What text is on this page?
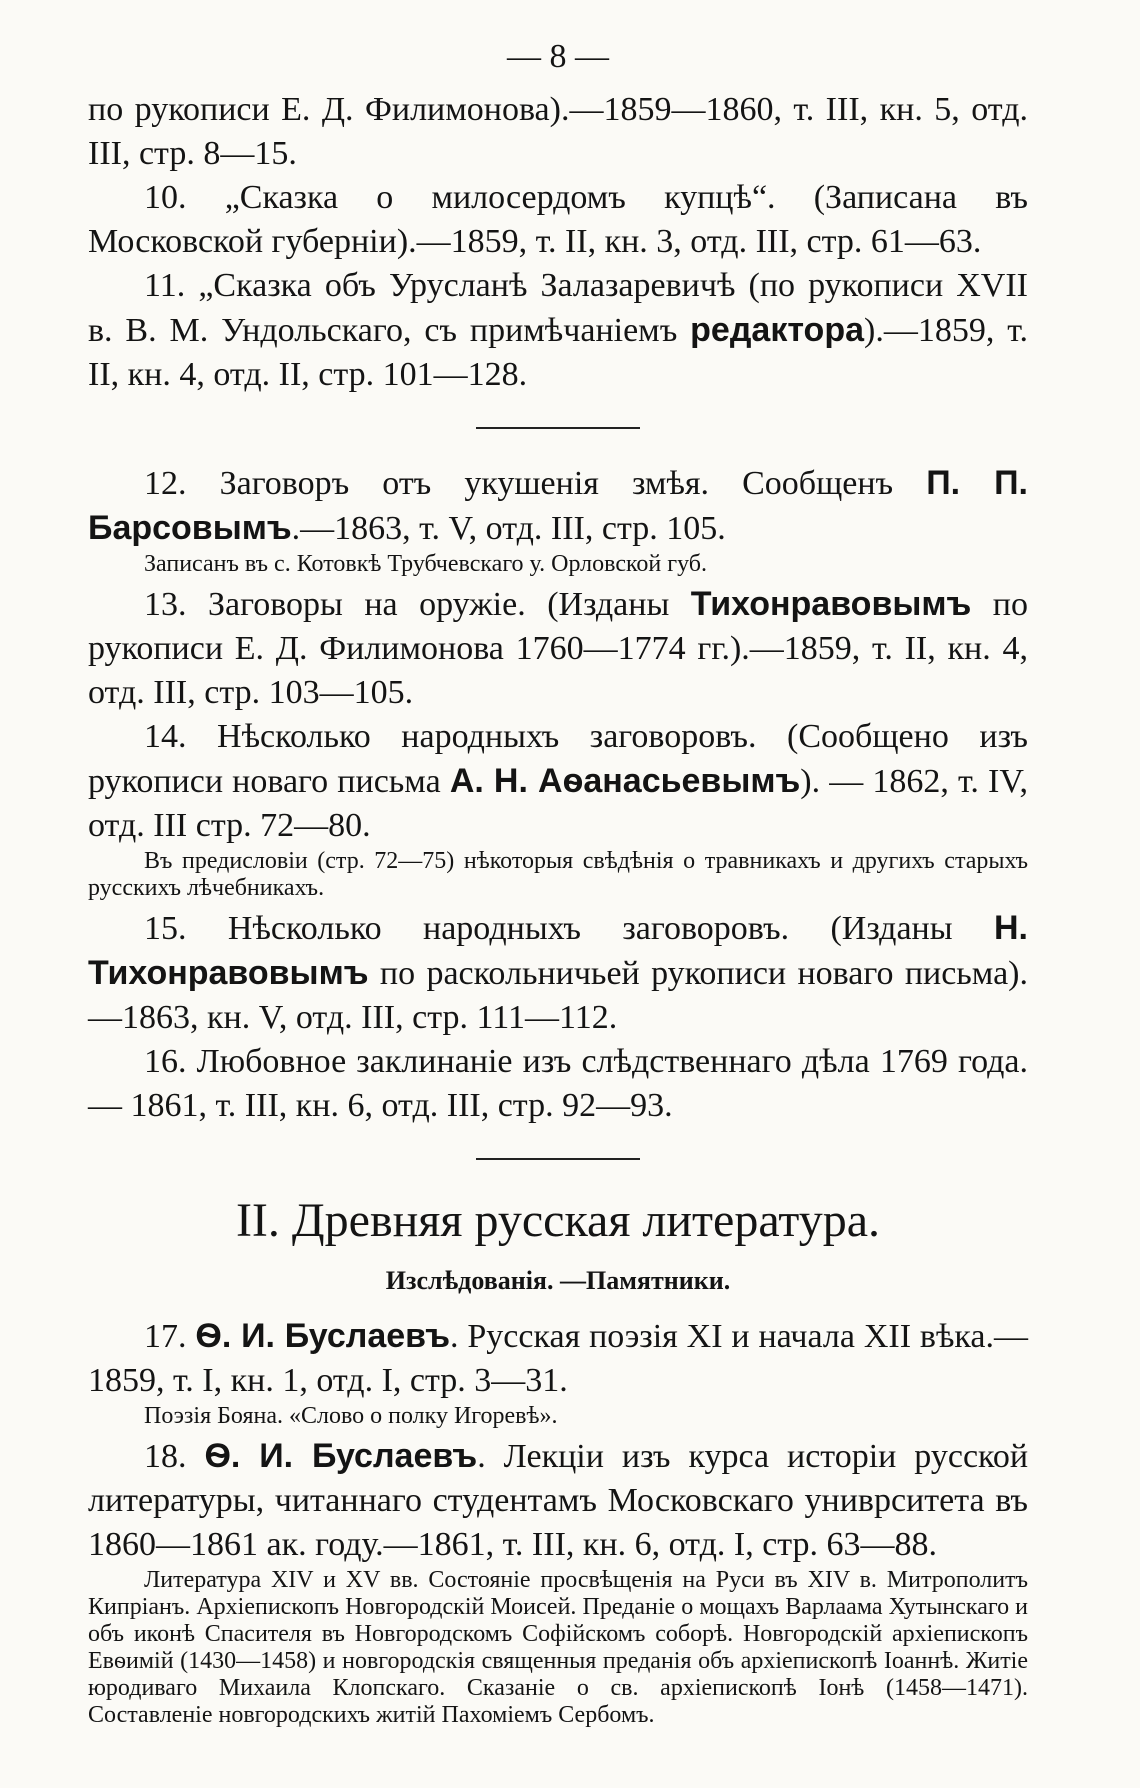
— 8 —

по рукописи Е. Д. Филимонова).—1859—1860, т. III, кн. 5, отд. III, стр. 8—15.

10. „Сказка о милосердомъ купцѣ“. (Записана въ Московской губерніи).—1859, т. II, кн. 3, отд. III, стр. 61—63.

11. „Сказка объ Урусланѣ Залазаревичѣ (по рукописи XVII в. В. М. Ундольскаго, съ примѣчаніемъ редактора).—1859, т. II, кн. 4, отд. II, стр. 101—128.

12. Заговоръ отъ укушенія змѣя. Сообщенъ П. П. Барсовымъ.—1863, т. V, отд. III, стр. 105.

Записанъ въ с. Котовкѣ Трубчевскаго у. Орловской губ.

13. Заговоры на оружіе. (Изданы Тихонравовымъ по рукописи Е. Д. Филимонова 1760—1774 гг.).—1859, т. II, кн. 4, отд. III, стр. 103—105.

14. Нѣсколько народныхъ заговоровъ. (Сообщено изъ рукописи новаго письма А. Н. Аѳанасьевымъ). — 1862, т. IV, отд. III стр. 72—80.

Въ предисловіи (стр. 72—75) нѣкоторыя свѣдѣнія о травникахъ и другихъ старыхъ русскихъ лѣчебникахъ.

15. Нѣсколько народныхъ заговоровъ. (Изданы Н. Тихонравовымъ по раскольничьей рукописи новаго письма).—1863, кн. V, отд. III, стр. 111—112.

16. Любовное заклинаніе изъ слѣдственнаго дѣла 1769 года.— 1861, т. III, кн. 6, отд. III, стр. 92—93.

II. Древняя русская литература.
Изслѣдованія. —Памятники.

17. Ѳ. И. Буслаевъ. Русская поэзія XI и начала XII вѣка.— 1859, т. I, кн. 1, отд. I, стр. 3—31.

Поэзія Бояна. «Слово о полку Игоревѣ».

18. Ѳ. И. Буслаевъ. Лекціи изъ курса исторіи русской литературы, читаннаго студентамъ Московскаго униврситета въ 1860—1861 ак. году.—1861, т. III, кн. 6, отд. I, стр. 63—88.

Литература XIV и XV вв. Состояніе просвѣщенія на Руси въ XIV в. Митрополитъ Кипріанъ. Архіепископъ Новгородскій Моисей. Преданіе о мощахъ Варлаама Хутынскаго и объ иконѣ Спасителя въ Новгородскомъ Софійскомъ соборѣ. Новгородскій архіепископъ Евѳимій (1430—1458) и новгородскія священныя преданія объ архіепископѣ Іоаннѣ. Житіе юродиваго Михаила Клопскаго. Сказаніе о св. архіепископѣ Іонѣ (1458—1471). Составленіе новгородскихъ житій Пахоміемъ Сербомъ.
